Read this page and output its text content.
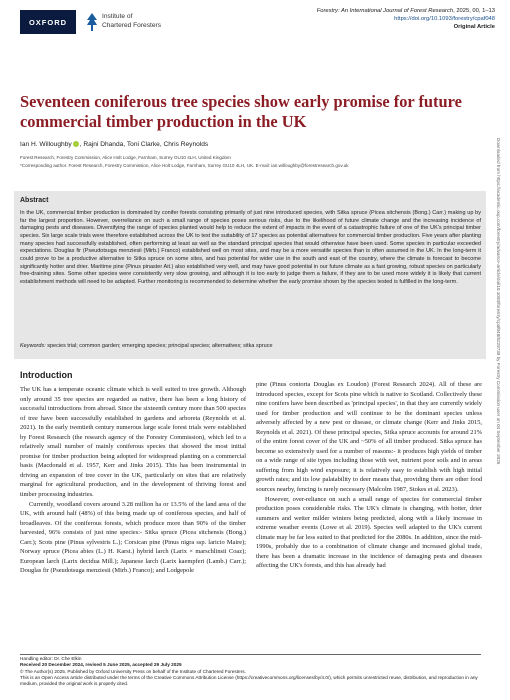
OXFORD
Institute of
Chartered Foresters
Forestry: An International Journal of Forest Research, 2025, 00, 1–13
https://doi.org/10.1093/forestry/cpaf048
Original Article
Downloaded from https://academic.oup.com/forestry/advance-article/doi/10.1093/forestry/cpaf048/8229739 by Forestry Commission user on 04 September 2025
Seventeen coniferous tree species show early promise for future commercial timber production in the UK
Ian H. Willoughby , Rajni Dhanda, Toni Clarke, Chris Reynolds
Forest Research, Forestry Commission, Alice Holt Lodge, Farnham, Surrey GU10 4LH, United Kingdom
*Corresponding author. Forest Research, Forestry Commission, Alice Holt Lodge, Farnham, Surrey GU10 4LH, UK. E-mail: ian.willoughby@forestresearch.gov.uk
Abstract
In the UK, commercial timber production is dominated by conifer forests consisting primarily of just nine introduced species, with Sitka spruce (Picea sitchensis (Bong.) Carr.) making up by far the largest proportion. However, overreliance on such a small range of species poses serious risks, due to the likelihood of future climate change and the increasing incidence of damaging pests and diseases. Diversifying the range of species planted would help to reduce the extent of impacts in the event of a catastrophic failure of one of the UK's principal timber species. Six large scale trials were therefore established across the UK to test the suitability of 17 species as potential alternatives for commercial timber production. Five years after planting many species had successfully established, often performing at least as well as the standard principal species that would otherwise have been used. Some species in particular exceeded expectations. Douglas fir (Pseudotsuga menziesii (Mirb.) Franco) established well on most sites, and may be a more versatile species than is often assumed in the UK. In the long-term it could prove to be a productive alternative to Sitka spruce on some sites, and has potential for wider use in the south and east of the country, where the climate is forecast to become significantly hotter and drier. Maritime pine (Pinus pinaster Ait.) also established very well, and may have good potential in our future climate as a fast growing, robust species on particularly free-draining sites. Some other species were consistently very slow growing, and although it is too early to judge them a failure, if they are to be used more widely it is likely that current establishment methods will need to be adapted. Further monitoring is recommended to determine whether the early promise shown by the species tested is fulfilled in the long-term.
Keywords: species trial; common garden; emerging species; principal species; alternatives; sitka spruce
Introduction

The UK has a temperate oceanic climate which is well suited to tree growth. Although only around 35 tree species are regarded as native, there has been a long history of successful introductions from abroad. Since the sixteenth century more than 500 species of tree have been successfully established in gardens and arboreta (Reynolds et al. 2021). In the early twentieth century numerous large scale forest trials were established by Forest Research (the research agency of the Forestry Commission), which led to a relatively small number of mainly coniferous species that showed the most initial promise for timber production being adopted for widespread planting on a commercial basis (Macdonald et al. 1957, Kerr and Jinks 2015). This has been instrumental in driving an expansion of tree cover in the UK, particularly on sites that are relatively marginal for agricultural production, and in the development of thriving forest and timber processing industries.

Currently, woodland covers around 3.28 million ha or 13.5% of the land area of the UK, with around half (48%) of this being made up of coniferous species, and half of broadleaves. Of the coniferous forests, which produce more than 90% of the timber harvested, 96% consists of just nine species:- Sitka spruce (Picea sitchensis (Bong.) Carr.); Scots pine (Pinus sylvestris L.); Corsican pine (Pinus nigra ssp. laricio Maire); Norway spruce (Picea abies (L.) H. Karst.) hybrid larch (Larix × marschlinsii Coaz); European larch (Larix decidua Mill.); Japanese larch (Larix kaempferi (Lamb.) Carr.); Douglas fir (Pseudotsuga menziesii (Mirb.) Franco); and Lodgepole

pine (Pinus contorta Douglas ex Loudon) (Forest Research 2024). All of these are introduced species, except for Scots pine which is native to Scotland. Collectively these nine conifers have been described as 'principal species', in that they are currently widely used for timber production and will continue to be the dominant species unless adversely affected by a new pest or disease, or climate change (Kerr and Jinks 2015, Reynolds et al. 2021). Of these principal species, Sitka spruce accounts for around 21% of the entire forest cover of the UK and ~50% of all timber produced. Sitka spruce has become so extensively used for a number of reasons:- it produces high yields of timber on a wide range of site types including those with wet, nutrient poor soils and in areas suffering from high wind exposure; it is relatively easy to establish with high initial growth rates; and its low palatability to deer means that, providing there are other food sources nearby, fencing is rarely necessary (Malcolm 1987, Stokes et al. 2023).

However, over-reliance on such a small range of species for commercial timber production poses considerable risks. The UK's climate is changing, with hotter, drier summers and wetter milder winters being predicted, along with a likely increase in extreme weather events (Lowe et al. 2019). Species well adapted to the UK's current climate may be far less suited to that predicted for the 2080s. In addition, since the mid-1990s, probably due to a combination of climate change and increased global trade, there has been a dramatic increase in the incidence of damaging pests and diseases affecting the UK's forests, and this has already had

Handling editor: Dr. Che Elkin
Received 20 December 2024, revised 5 June 2025, accepted 29 July 2025
© The Author(s) 2025. Published by Oxford University Press on behalf of the Institute of Chartered Foresters.
This is an Open Access article distributed under the terms of the Creative Commons Attribution License (https://creativecommons.org/licenses/by/4.0/), which permits unrestricted reuse, distribution, and reproduction in any medium, provided the original work is properly cited.
